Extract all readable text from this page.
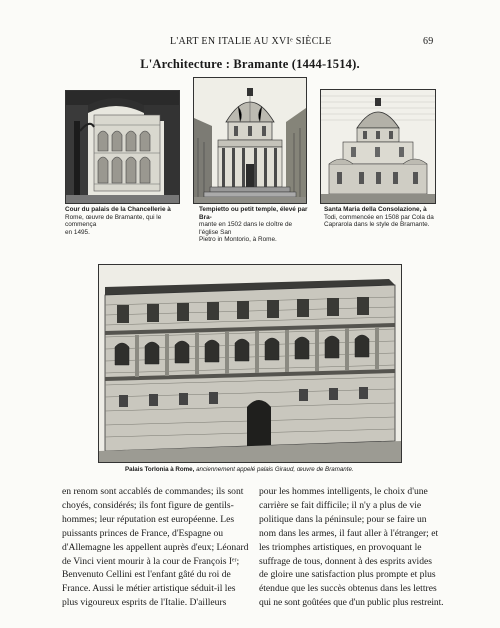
L'ART EN ITALIE AU XVIᵉ SIÈCLE	69
L'Architecture : Bramante (1444-1514).
Cour du palais de la Chancellerie à
Rome, œuvre de Bramante, qui le commença
en 1495.
Tempietto ou petit temple, élevé par Bra-
mante en 1502 dans le cloître de l'église San
Pietro in Montorio, à Rome.
Santa Maria della Consolazione, à
Todi, commencée en 1508 par Cola da
Caprarola dans le style de Bramante.
Palais Torlonia à Rome, anciennement appelé palais Giraud, œuvre de Bramante.
en renom sont accablés de commandes; ils sont
choyés, considérés; ils font figure de gentils-
hommes; leur réputation est européenne. Les
puissants princes de France, d'Espagne ou
d'Allemagne les appellent auprès d'eux; Léonard
de Vinci vient mourir à la cour de François Iᵉʳ;
Benvenuto Cellini est l'enfant gâté du roi de
France. Aussi le métier artistique séduit-il les
plus vigoureux esprits de l'Italie. D'ailleurs
pour les hommes intelligents, le choix d'une
carrière se fait difficile; il n'y a plus de vie
politique dans la péninsule; pour se faire un
nom dans les armes, il faut aller à l'étranger; et
les triomphes artistiques, en provoquant le
suffrage de tous, donnent à des esprits avides
de gloire une satisfaction plus prompte et plus
étendue que les succès obtenus dans les lettres
qui ne sont goûtées que d'un public plus restreint.
